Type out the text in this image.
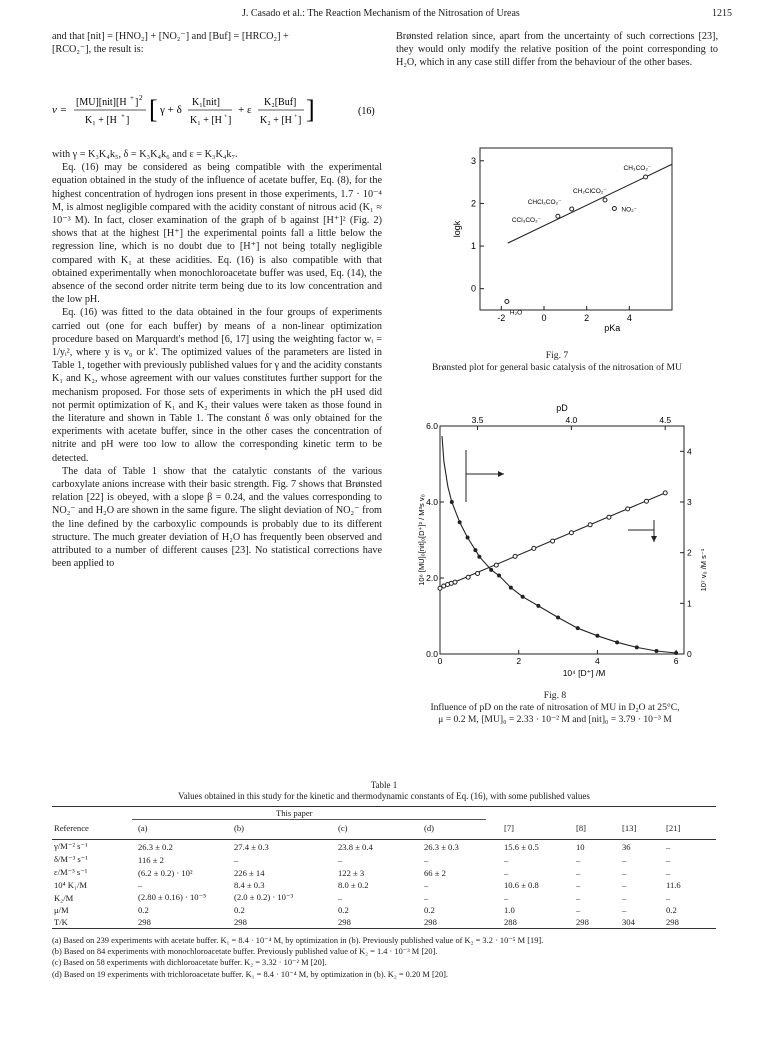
J. Casado et al.: The Reaction Mechanism of the Nitrosation of Ureas	1215

and that [nit] = [HNO₂] + [NO₂⁻] and [Buf] = [HRCO₂] +

[RCO₂⁻], the result is:

v =
[MU][nit][H + ] 2
K₁ + [H + ] [ γ + δ
K₁[nit]
K₁ + [H + ]
+ ε
K₂[Buf]
K₂ + [H + ] ]	(16)

with γ = K₃K₄k₅, δ = K₃K₄k₆ and ε = K₃K₄k₇.

Eq. (16) may be considered as being compatible with the experimental equation obtained in the study of the influence of acetate buffer, Eq. (8), for the highest concentration of hydrogen ions present in those experiments, 1.7 · 10⁻⁴ M, is almost negligible compared with the acidity constant of nitrous acid (K₁ ≈ 10⁻³ M). In fact, closer examination of the graph of b against [H⁺]² (Fig. 2) shows that at the highest [H⁺] the experimental points fall a little below the regression line, which is no doubt due to [H⁺] not being totally negligible compared with K₁ at these acidities. Eq. (16) is also compatible with that obtained experimentally when monochloroacetate buffer was used, Eq. (14), the absence of the second order nitrite term being due to its low concentration and the low pH.

Eq. (16) was fitted to the data obtained in the four groups of experiments carried out (one for each buffer) by means of a non-linear optimization procedure based on Marquardt's method [6, 17] using the weighting factor wᵢ = 1/yᵢ², where y is v₀ or k'. The optimized values of the parameters are listed in Table 1, together with previously published values for γ and the acidity constants K₁ and K₂, whose agreement with our values constitutes further support for the mechanism proposed. For those sets of experiments in which the pH used did not permit optimization of K₁ and K₂ their values were taken as those found in the literature and shown in Table 1. The constant δ was only obtained for the experiments with acetate buffer, since in the other cases the concentration of nitrite and pH were too low to allow the corresponding kinetic term to be detected.

The data of Table 1 show that the catalytic constants of the various carboxylate anions increase with their basic strength. Fig. 7 shows that Brønsted relation [22] is obeyed, with a slope β = 0.24, and the values corresponding to NO₂⁻ and H₂O are shown in the same figure. The slight deviation of NO₂⁻ from the line defined by the carboxylic compounds is probably due to its different structure. The much greater deviation of H₂O has frequently been observed and attributed to a number of different causes [23]. No statistical corrections have been applied to

Brønsted relation since, apart from the uncertainty of such corrections [23], they would only modify the relative position of the point corresponding to H₂O, which in any case still differ from the behaviour of the other bases.

-2	0	2	4
0
1
2
3
pKa
logk
CH₃CO₂⁻
CH₂ClCO₂⁻
CHCl₂CO₂⁻
CCl₃CO₂⁻
NO₂⁻
H₂O
Fig. 7
Brønsted plot for general basic catalysis of the nitrosation of MU
0.0
2.0
4.0
6.0
0
1
2
3
4
3.5	4.0	4.5
0	2	4	6
pD
10⁴ [D⁺] /M
10⁸ [MU]₀[nit]₀[D⁺]² / M³s v₀	10⁷ v₀ /M s⁻¹
Fig. 8
Influence of pD on the rate of nitrosation of MU in D₂O at 25°C,
μ = 0.2 M, [MU]₀ = 2.33 · 10⁻² M and [nit]₀ = 3.79 · 10⁻³ M
Table 1
Values obtained in this study for the kinetic and thermodynamic constants of Eq. (16), with some published values
This paper
Reference	(a)	(b)	(c)	(d)	[7]	[8]	[13]	[21]
γ/M⁻² s⁻¹	26.3 ± 0.2	27.4 ± 0.3	23.8 ± 0.4	26.3 ± 0.3	15.6 ± 0.5	10	36	–
δ/M⁻³ s⁻¹	116 ± 2	–	–	–	–	–	–	–
ε/M⁻³ s⁻¹	(6.2 ± 0.2) · 10²	226 ± 14	122 ± 3	66 ± 2	–	–	–	–
10⁴ K₁/M	–	8.4 ± 0.3	8.0 ± 0.2	–	10.6 ± 0.8	–	–	11.6
K₂/M	(2.80 ± 0.16) · 10⁻⁵	(2.0 ± 0.2) · 10⁻³	–	–	–	–	–	–
μ/M	0.2	0.2	0.2	0.2	1.0	–	–	0.2
T/K	298	298	298	298	288	298	304	298
(a) Based on 239 experiments with acetate buffer. K₁ = 8.4 · 10⁻⁴ M, by optimization in (b). Previously published value of K₂ = 3.2 · 10⁻⁵ M [19].
(b) Based on 84 experiments with monochloroacetate buffer. Previously published value of K₂ = 1.4 · 10⁻³ M [20].
(c) Based on 58 experiments with dichloroacetate buffer. K₂ = 3.32 · 10⁻² M [20].
(d) Based on 19 experiments with trichloroacetate buffer. K₁ = 8.4 · 10⁻⁴ M, by optimization in (b). K₂ = 0.20 M [20].
